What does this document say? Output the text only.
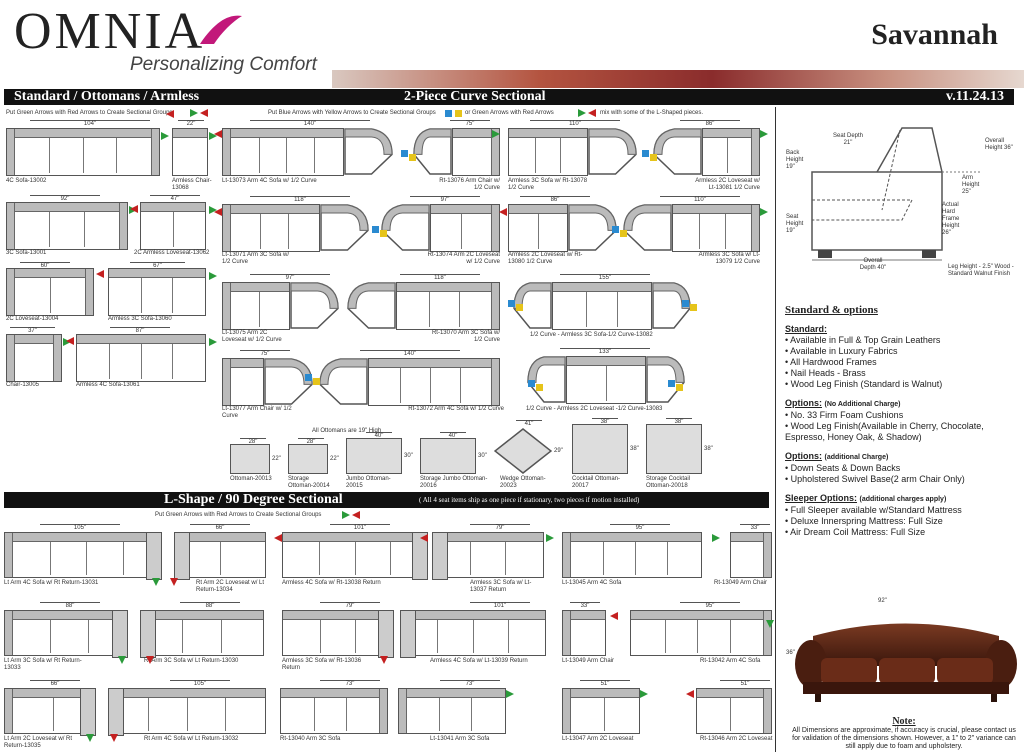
OMNIA
Personalizing Comfort
Savannah
Standard / Ottomans / Armless	2-Piece Curve Sectional	v.11.24.13
Put Green Arrows with Red Arrows to Create Sectional Groups	Put Blue Arrows with Yellow Arrows to Create Sectional Groups	or Green Arrows with Red Arrows	mix with some of the L-Shaped pieces.
4C Sofa-13002
104"
Armless Chair-13068
22"
3C Sofa-13001
92"
2C Armless Loveseat-13062
47"
2C Loveseat-13004
60"
Armless 3C Sofa-13060
67"
Chair-13005
37"
Armless 4C Sofa-13061
87"
Lt-13073 Arm 4C Sofa w/ 1/2 Curve
140"
Rt-13076 Arm Chair w/ 1/2 Curve
75"
Armless 3C Sofa w/ Rt-13078 1/2 Curve
110"
Armless 2C Loveseat w/ Lt-13081 1/2 Curve
86"
Lt-13071 Arm 3C Sofa w/ 1/2 Curve
118"
Rt-13074 Arm 2C Loveseat w/ 1/2 Curve
97"
Armless 2C Loveseat w/ Rt-13080 1/2 Curve
86"
Armless 3C Sofa w/ Lt-13079 1/2 Curve
110"
Lt-13075 Arm 2C Loveseat w/ 1/2 Curve
97"
Rt-13070 Arm 3C Sofa w/ 1/2 Curve
118"
1/2 Curve - Armless 3C Sofa-1/2 Curve-13082
155"
Lt-13077 Arm Chair w/ 1/2 Curve
75"
Rt-13072 Arm 4C Sofa w/ 1/2 Curve
140"
1/2 Curve - Armless 2C Loveseat -1/2 Curve-13083
133"
All Ottomans are 19" High
Ottoman-20013
28"
22"
Storage Ottoman-20014
28"
22"
Jumbo Ottoman-20015
40"
30"
Storage Jumbo Ottoman-20016
40"
30"
Wedge Ottoman-20023
41"
29"
Cocktail Ottoman-20017
38"
38"
Storage Cocktail Ottoman-20018
38"
38"
L-Shape / 90 Degree Sectional	( All 4 seat items ship as one piece if stationary, two pieces if motion installed)
Put Green Arrows with Red Arrows to Create Sectional Groups
Lt Arm 4C Sofa w/ Rt Return-13031
105"
Rt Arm 2C Loveseat w/ Lt Return-13034
66"
Armless 4C Sofa w/ Rt-13038 Return
101"
Armless 3C Sofa w/ Lt-13037 Return
79"
Lt-13045 Arm 4C Sofa
95"
Rt-13049 Arm Chair
33"
Lt Arm 3C Sofa w/ Rt Return-13033
88"
Rt Arm 3C Sofa w/ Lt Return-13030
88"
Armless 3C Sofa w/ Rt-13036 Return
79"
Armless 4C Sofa w/ Lt-13039 Return
101"
Lt-13049 Arm Chair
33"
Rt-13042 Arm 4C Sofa
95"
Lt Arm 2C Loveseat w/ Rt Return-13035
66"
Rt Arm 4C Sofa w/ Lt Return-13032
105"
Rt-13040 Arm 3C Sofa
73"
Lt-13041 Arm 3C Sofa
73"
Lt-13047 Arm 2C Loveseat
51"
Rt-13046 Arm 2C Loveseat
51"
Seat Depth 21"
Back Height 19"
Overall Height 36"
Arm Height 25"
Seat Height 19"
Actual Hard Frame Height 26"
Overall Depth 40"	Leg Height - 2.5" Wood - Standard Walnut Finish
Standard & options
Standard:
• Available in Full & Top Grain Leathers
• Available in Luxury Fabrics
• All Hardwood Frames
• Nail Heads - Brass
• Wood Leg Finish (Standard is Walnut)
Options: (No Additional Charge)
• No. 33 Firm Foam Cushions
• Wood Leg Finish(Available in Cherry, Chocolate, Espresso, Honey Oak, & Shadow)
Options: (additional Charge)
• Down Seats & Down Backs
• Upholstered Swivel Base(2 arm Chair Only)
Sleeper Options: (additional charges apply)
• Full Sleeper available w/Standard Mattress
• Deluxe Innerspring Mattress: Full Size
• Air Dream Coil Mattress: Full Size
92"
36"
Note:
All Dimensions are approximate, if accuracy is crucial, please contact us for validation of the dimensions shown. However, a 1" to 2" variance can still apply due to foam and upholstery.
